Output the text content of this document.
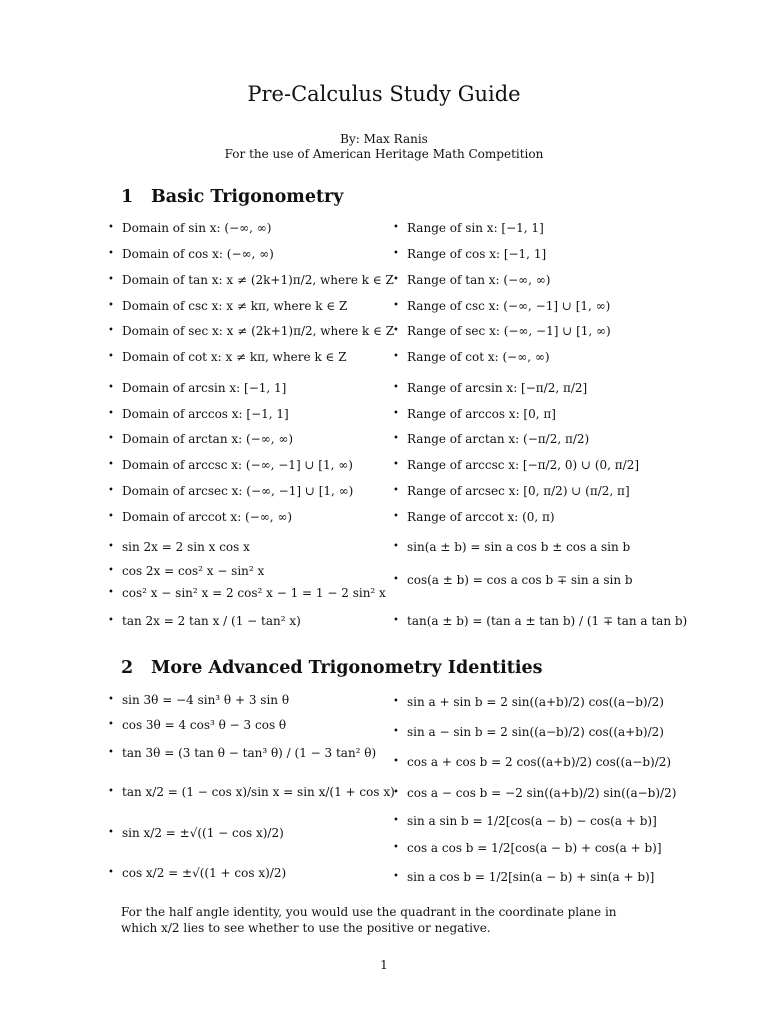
Pre-Calculus Study Guide
By: Max Ranis
For the use of American Heritage Math Competition
1 Basic Trigonometry
• Domain of sin x: (−∞, ∞)
• Domain of cos x: (−∞, ∞)
• Domain of tan x: x ≠ (2k+1)π/2, where k ∈ Z
• Domain of csc x: x ≠ kπ, where k ∈ Z
• Domain of sec x: x ≠ (2k+1)π/2, where k ∈ Z
• Domain of cot x: x ≠ kπ, where k ∈ Z
• Range of sin x: [−1, 1]
• Range of cos x: [−1, 1]
• Range of tan x: (−∞, ∞)
• Range of csc x: (−∞, −1] ∪ [1, ∞)
• Range of sec x: (−∞, −1] ∪ [1, ∞)
• Range of cot x: (−∞, ∞)
• Domain of arcsin x: [−1, 1]
• Domain of arccos x: [−1, 1]
• Domain of arctan x: (−∞, ∞)
• Domain of arccsc x: (−∞, −1] ∪ [1, ∞)
• Domain of arcsec x: (−∞, −1] ∪ [1, ∞)
• Domain of arccot x: (−∞, ∞)
• Range of arcsin x: [−π/2, π/2]
• Range of arccos x: [0, π]
• Range of arctan x: (−π/2, π/2)
• Range of arccsc x: [−π/2, 0) ∪ (0, π/2]
• Range of arcsec x: [0, π/2) ∪ (π/2, π]
• Range of arccot x: (0, π)
• sin 2x = 2 sin x cos x
• cos 2x = cos² x − sin² x
• cos² x − sin² x = 2 cos² x − 1 = 1 − 2 sin² x
• tan 2x = 2 tan x / (1 − tan² x)
• sin(a ± b) = sin a cos b ± cos a sin b
• cos(a ± b) = cos a cos b ∓ sin a sin b
• tan(a ± b) = (tan a ± tan b) / (1 ∓ tan a tan b)
2 More Advanced Trigonometry Identities
• sin 3θ = −4 sin³ θ + 3 sin θ
• cos 3θ = 4 cos³ θ − 3 cos θ
• tan 3θ = (3 tan θ − tan³ θ) / (1 − 3 tan² θ)
• tan x/2 = (1 − cos x)/sin x = sin x/(1 + cos x)
• sin x/2 = ±√((1 − cos x)/2)
• cos x/2 = ±√((1 + cos x)/2)
• sin a + sin b = 2 sin((a+b)/2) cos((a−b)/2)
• sin a − sin b = 2 sin((a−b)/2) cos((a+b)/2)
• cos a + cos b = 2 cos((a+b)/2) cos((a−b)/2)
• cos a − cos b = −2 sin((a+b)/2) sin((a−b)/2)
• sin a sin b = 1/2[cos(a − b) − cos(a + b)]
• cos a cos b = 1/2[cos(a − b) + cos(a + b)]
• sin a cos b = 1/2[sin(a − b) + sin(a + b)]
For the half angle identity, you would use the quadrant in the coordinate plane in which x/2 lies to see whether to use the positive or negative.
1
